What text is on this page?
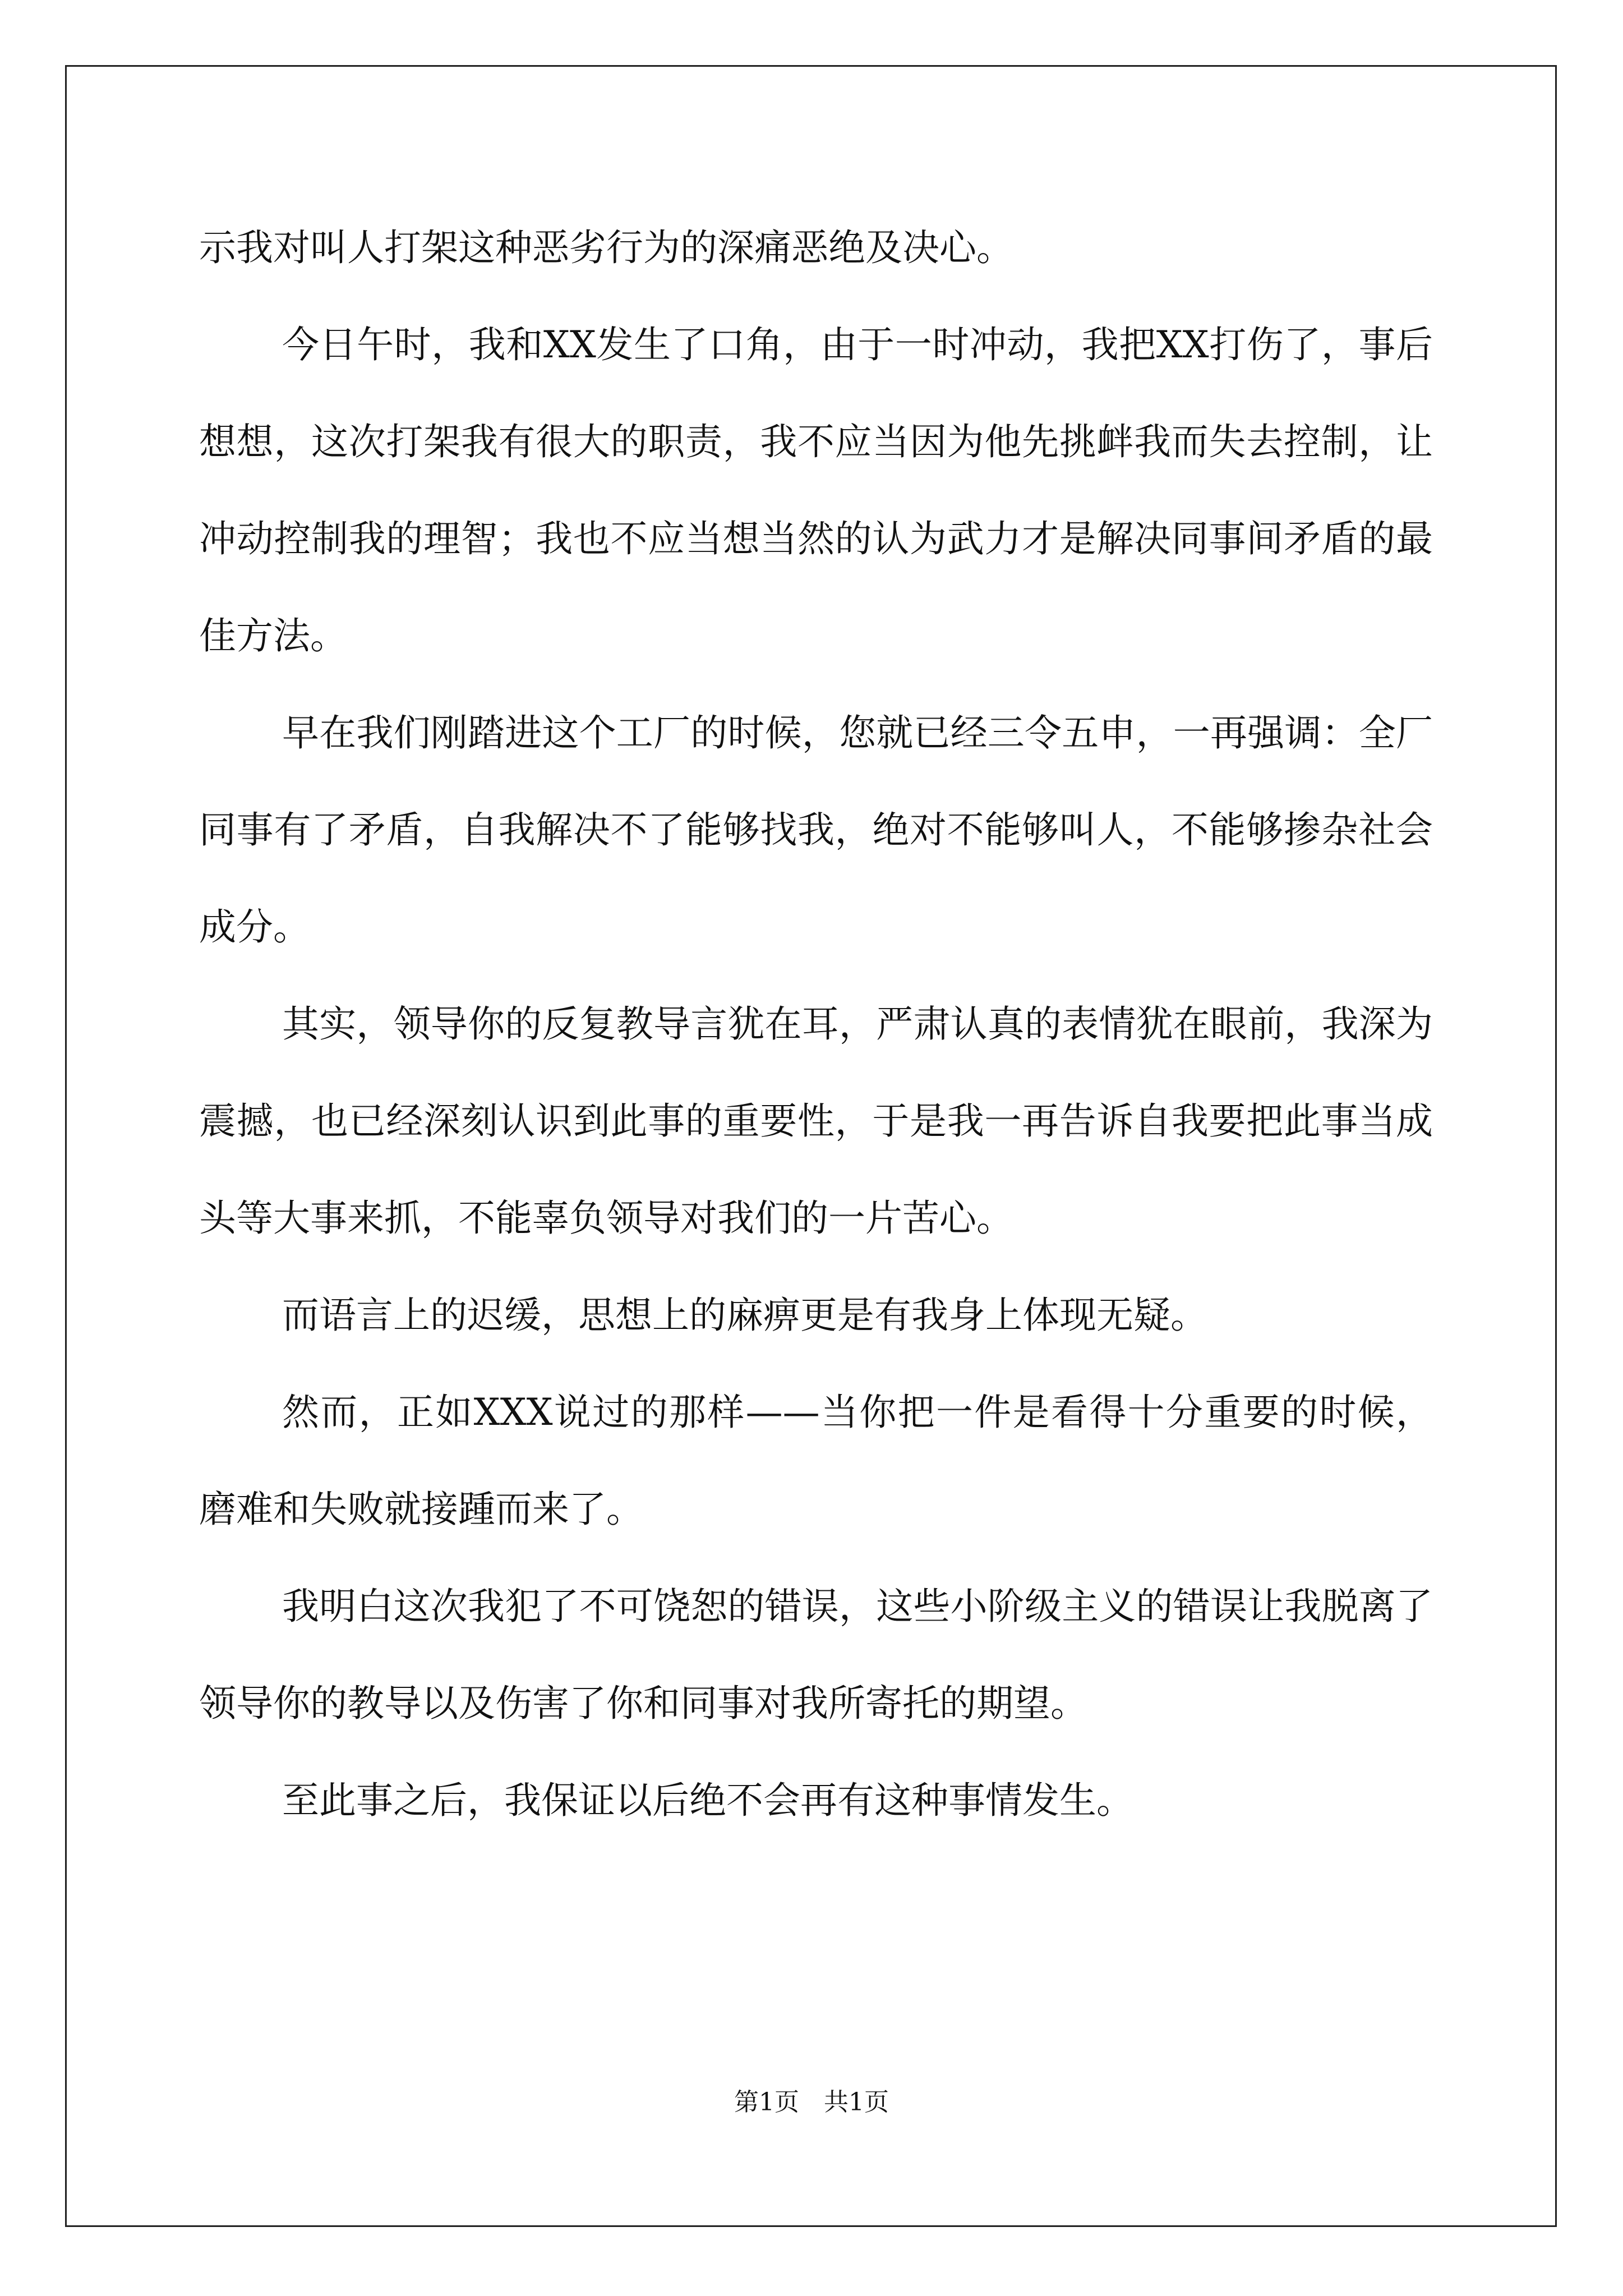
示我对叫人打架这种恶劣行为的深痛恶绝及决心。

今日午时，我和XX发生了口角，由于一时冲动，我把XX打伤了，事后想想，这次打架我有很大的职责，我不应当因为他先挑衅我而失去控制，让冲动控制我的理智；我也不应当想当然的认为武力才是解决同事间矛盾的最佳方法。

早在我们刚踏进这个工厂的时候，您就已经三令五申，一再强调：全厂同事有了矛盾，自我解决不了能够找我，绝对不能够叫人，不能够掺杂社会成分。

其实，领导你的反复教导言犹在耳，严肃认真的表情犹在眼前，我深为震撼，也已经深刻认识到此事的重要性，于是我一再告诉自我要把此事当成头等大事来抓，不能辜负领导对我们的一片苦心。

而语言上的迟缓，思想上的麻痹更是有我身上体现无疑。

然而，正如XXX说过的那样——当你把一件是看得十分重要的时候，磨难和失败就接踵而来了。

我明白这次我犯了不可饶恕的错误，这些小阶级主义的错误让我脱离了领导你的教导以及伤害了你和同事对我所寄托的期望。

至此事之后，我保证以后绝不会再有这种事情发生。

第1页　共1页
